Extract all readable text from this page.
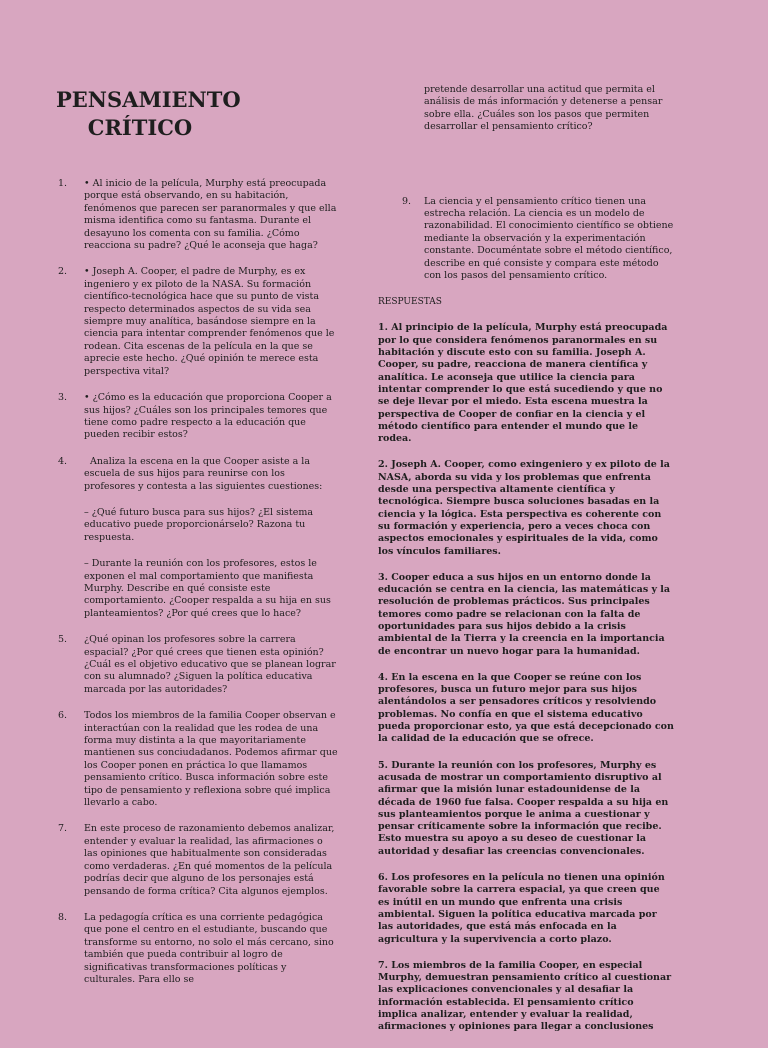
PENSAMIENTO
CRÍTICO
1.	• Al inicio de la película, Murphy está preocupada porque está observando, en su habitación, fenómenos que parecen ser paranormales y que ella misma identifica como su fantasma. Durante el desayuno los comenta con su familia. ¿Cómo reacciona su padre? ¿Qué le aconseja que haga?
2.	• Joseph A. Cooper, el padre de Murphy, es ex ingeniero y ex piloto de la NASA. Su formación científico-tecnológica hace que su punto de vista respecto determinados aspectos de su vida sea siempre muy analítica, basándose siempre en la ciencia para intentar comprender fenómenos que le rodean. Cita escenas de la película en la que se aprecie este hecho. ¿Qué opinión te merece esta perspectiva vital?
3.	• ¿Cómo es la educación que proporciona Cooper a sus hijos? ¿Cuáles son los principales temores que tiene como padre respecto a la educación que pueden recibir estos?
4.	Analiza la escena en la que Cooper asiste a la escuela de sus hijos para reunirse con los profesores y contesta a las siguientes cuestiones:
– ¿Qué futuro busca para sus hijos? ¿El sistema educativo puede proporcionárselo? Razona tu respuesta.
– Durante la reunión con los profesores, estos le exponen el mal comportamiento que manifiesta Murphy. Describe en qué consiste este comportamiento. ¿Cooper respalda a su hija en sus planteamientos? ¿Por qué crees que lo hace?
5.	¿Qué opinan los profesores sobre la carrera espacial? ¿Por qué crees que tienen esta opinión? ¿Cuál es el objetivo educativo que se planean lograr con su alumnado? ¿Siguen la política educativa marcada por las autoridades?
6.	Todos los miembros de la familia Cooper observan e interactúan con la realidad que les rodea de una forma muy distinta a la que mayoritariamente mantienen sus conciudadanos. Podemos afirmar que los Cooper ponen en práctica lo que llamamos pensamiento crítico. Busca información sobre este tipo de pensamiento y reflexiona sobre qué implica llevarlo a cabo.
7.	En este proceso de razonamiento debemos analizar, entender y evaluar la realidad, las afirmaciones o las opiniones que habitualmente son consideradas como verdaderas. ¿En qué momentos de la película podrías decir que alguno de los personajes está pensando de forma crítica? Cita algunos ejemplos.
8.	La pedagogía crítica es una corriente pedagógica que pone el centro en el estudiante, buscando que transforme su entorno, no solo el más cercano, sino también que pueda contribuir al logro de significativas transformaciones políticas y culturales. Para ello se
pretende desarrollar una actitud que permita el análisis de más información y detenerse a pensar sobre ella. ¿Cuáles son los pasos que permiten desarrollar el pensamiento crítico?
9.	La ciencia y el pensamiento crítico tienen una estrecha relación. La ciencia es un modelo de razonabilidad. El conocimiento científico se obtiene mediante la observación y la experimentación constante. Documéntate sobre el método científico, describe en qué consiste y compara este método con los pasos del pensamiento crítico.
RESPUESTAS
1. Al principio de la película, Murphy está preocupada por lo que considera fenómenos paranormales en su habitación y discute esto con su familia. Joseph A. Cooper, su padre, reacciona de manera científica y analítica. Le aconseja que utilice la ciencia para intentar comprender lo que está sucediendo y que no se deje llevar por el miedo. Esta escena muestra la perspectiva de Cooper de confiar en la ciencia y el método científico para entender el mundo que le rodea.
2. Joseph A. Cooper, como exingeniero y ex piloto de la NASA, aborda su vida y los problemas que enfrenta desde una perspectiva altamente científica y tecnológica. Siempre busca soluciones basadas en la ciencia y la lógica. Esta perspectiva es coherente con su formación y experiencia, pero a veces choca con aspectos emocionales y espirituales de la vida, como los vínculos familiares.
3. Cooper educa a sus hijos en un entorno donde la educación se centra en la ciencia, las matemáticas y la resolución de problemas prácticos. Sus principales temores como padre se relacionan con la falta de oportunidades para sus hijos debido a la crisis ambiental de la Tierra y la creencia en la importancia de encontrar un nuevo hogar para la humanidad.
4. En la escena en la que Cooper se reúne con los profesores, busca un futuro mejor para sus hijos alentándolos a ser pensadores críticos y resolviendo problemas. No confía en que el sistema educativo pueda proporcionar esto, ya que está decepcionado con la calidad de la educación que se ofrece.
5. Durante la reunión con los profesores, Murphy es acusada de mostrar un comportamiento disruptivo al afirmar que la misión lunar estadounidense de la década de 1960 fue falsa. Cooper respalda a su hija en sus planteamientos porque le anima a cuestionar y pensar críticamente sobre la información que recibe. Esto muestra su apoyo a su deseo de cuestionar la autoridad y desafiar las creencias convencionales.
6. Los profesores en la película no tienen una opinión favorable sobre la carrera espacial, ya que creen que es inútil en un mundo que enfrenta una crisis ambiental. Siguen la política educativa marcada por las autoridades, que está más enfocada en la agricultura y la supervivencia a corto plazo.
7. Los miembros de la familia Cooper, en especial Murphy, demuestran pensamiento crítico al cuestionar las explicaciones convencionales y al desafiar la información establecida. El pensamiento crítico implica analizar, entender y evaluar la realidad, afirmaciones y opiniones para llegar a conclusiones
